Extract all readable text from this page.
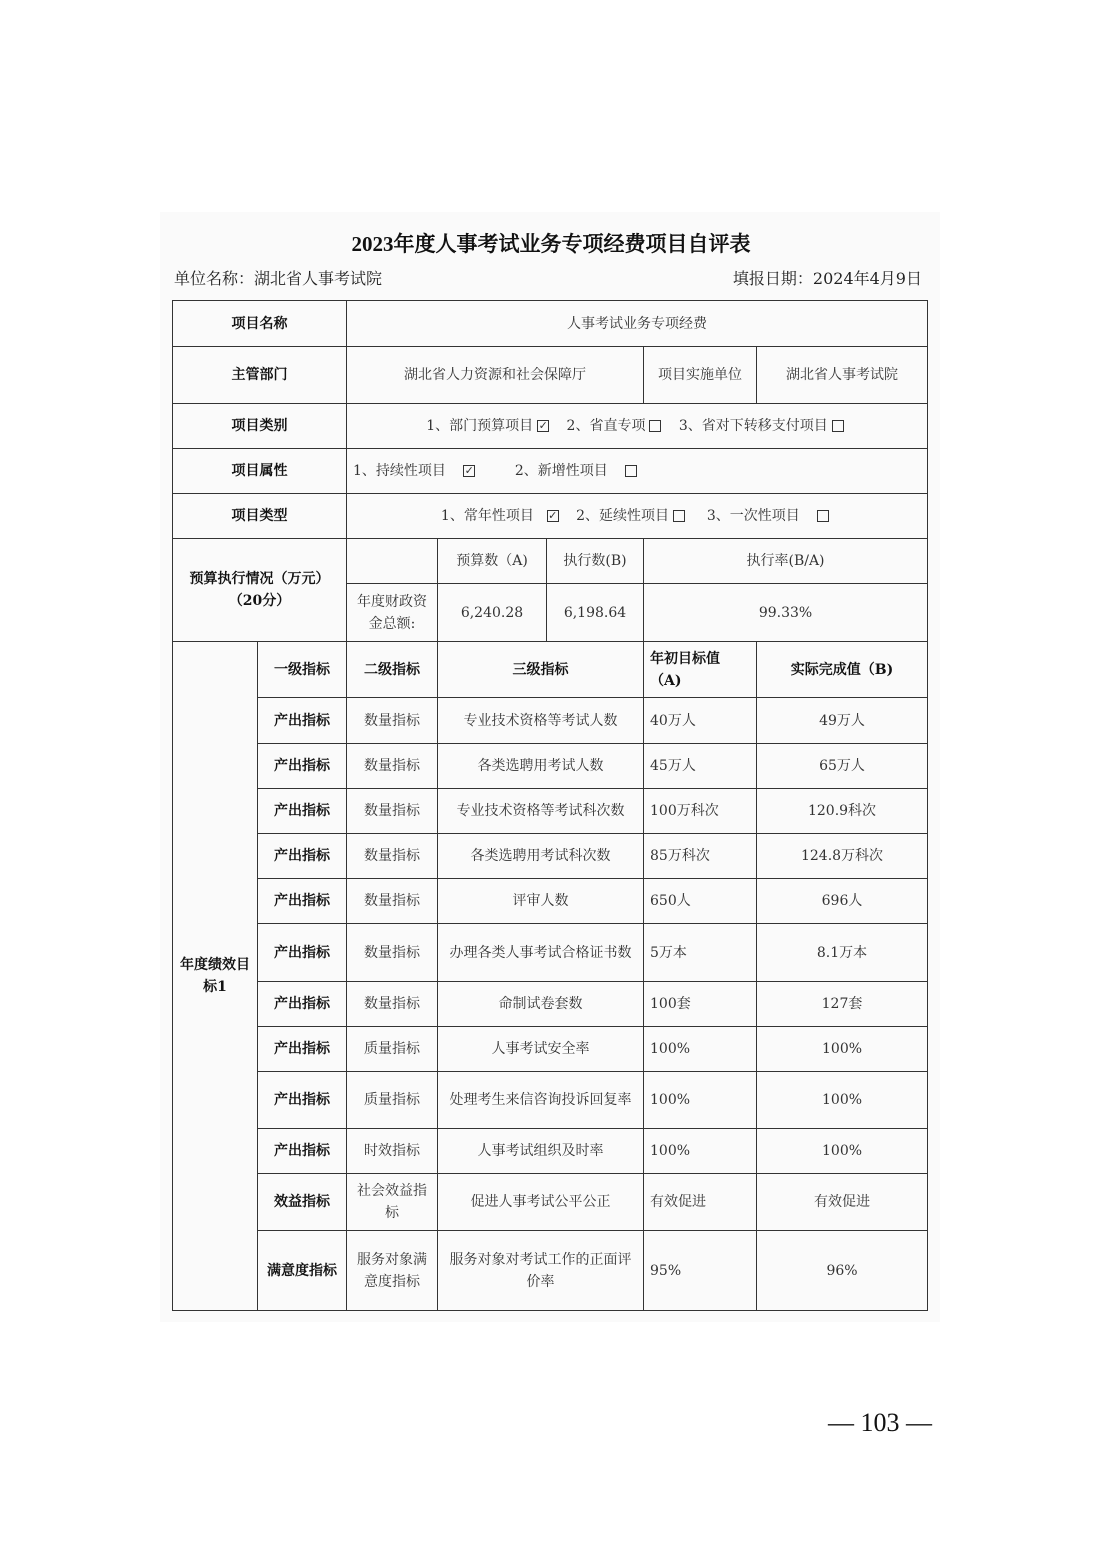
2023年度人事考试业务专项经费项目自评表
单位名称：湖北省人事考试院	填报日期：2024年4月9日
项目名称		人事考试业务专项经费				
主管部门		湖北省人力资源和社会保障厅			项目实施单位	湖北省人事考试院
项目类别		1、部门预算项目 ✓ 2、省直专项 3、省对下转移支付项目				
项目属性		1、持续性项目 ✓ 2、新增性项目				
项目类型		1、常年性项目 ✓ 2、延续性项目 3、一次性项目				
预算执行情况（万元）（20分）			预算数（A)	执行数(B)	执行率(B/A)	
		年度财政资金总额:	6,240.28	6,198.64	99.33%	
年度绩效目标1	一级指标	二级指标	三级指标		年初目标值（A)	实际完成值（B)
	产出指标	数量指标	专业技术资格等考试人数		40万人	49万人
	产出指标	数量指标	各类选聘用考试人数		45万人	65万人
	产出指标	数量指标	专业技术资格等考试科次数		100万科次	120.9科次
	产出指标	数量指标	各类选聘用考试科次数		85万科次	124.8万科次
	产出指标	数量指标	评审人数		650人	696人
	产出指标	数量指标	办理各类人事考试合格证书数		5万本	8.1万本
	产出指标	数量指标	命制试卷套数		100套	127套
	产出指标	质量指标	人事考试安全率		100%	100%
	产出指标	质量指标	处理考生来信咨询投诉回复率		100%	100%
	产出指标	时效指标	人事考试组织及时率		100%	100%
	效益指标	社会效益指标	促进人事考试公平公正		有效促进	有效促进
	满意度指标	服务对象满意度指标	服务对象对考试工作的正面评价率		95%	96%
— 103 —
